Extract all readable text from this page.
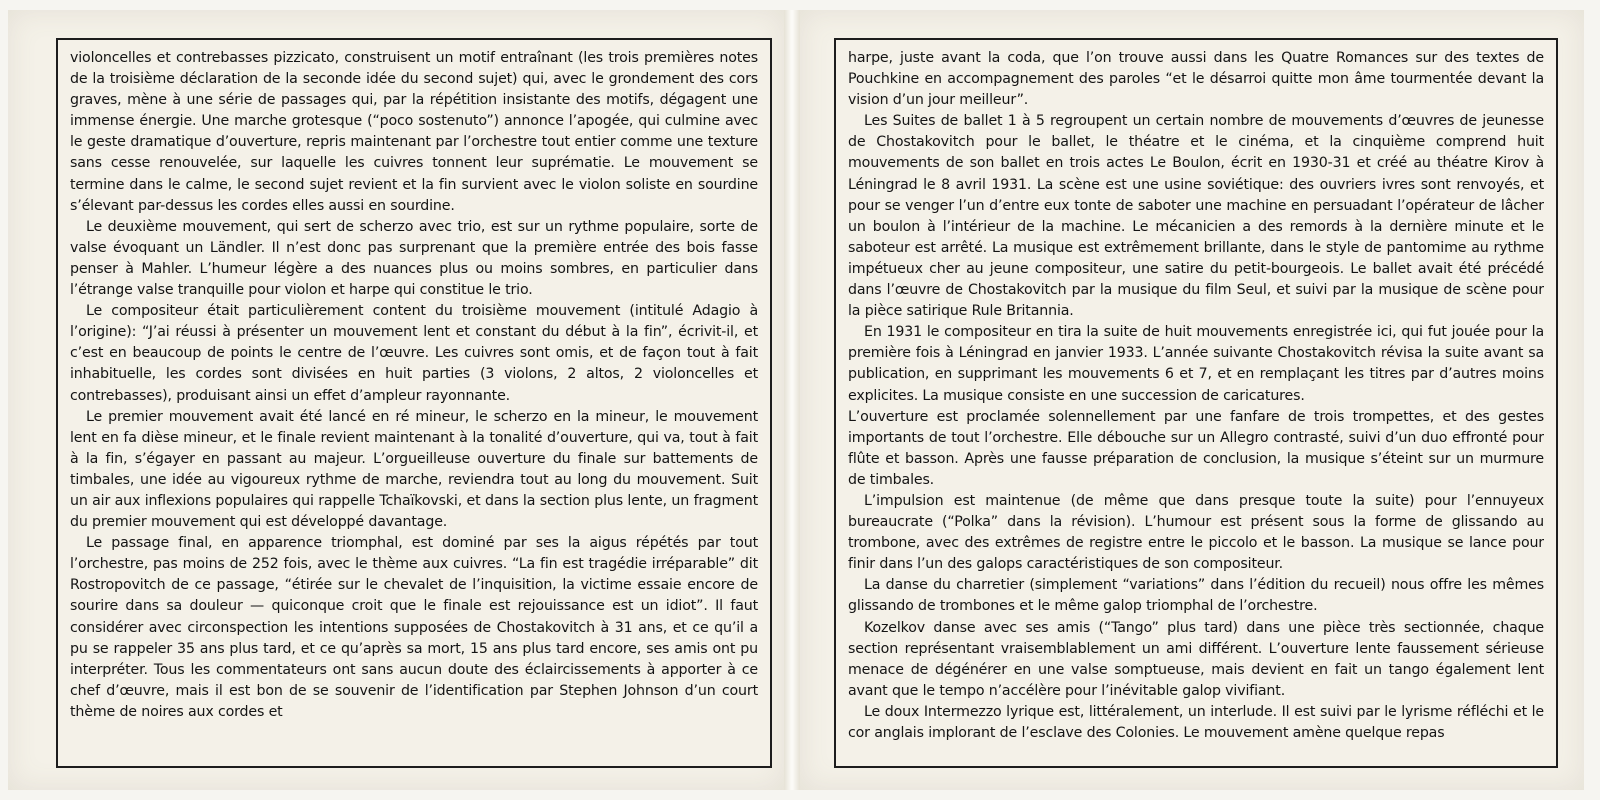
violoncelles et contrebasses pizzicato, construisent un motif entraînant (les trois premières notes de la troisième déclaration de la seconde idée du second sujet) qui, avec le grondement des cors graves, mène à une série de passages qui, par la répétition insistante des motifs, dégagent une immense énergie. Une marche grotesque (“poco sostenuto”) annonce l’apogée, qui culmine avec le geste dramatique d’ouverture, repris maintenant par l’orchestre tout entier comme une texture sans cesse renouvelée, sur laquelle les cuivres tonnent leur suprématie. Le mouvement se termine dans le calme, le second sujet revient et la fin survient avec le violon soliste en sourdine s’élevant par-dessus les cordes elles aussi en sourdine.

Le deuxième mouvement, qui sert de scherzo avec trio, est sur un rythme populaire, sorte de valse évoquant un Ländler. Il n’est donc pas surprenant que la première entrée des bois fasse penser à Mahler. L’humeur légère a des nuances plus ou moins sombres, en particulier dans l’étrange valse tranquille pour violon et harpe qui constitue le trio.

Le compositeur était particulièrement content du troisième mouvement (intitulé Adagio à l’origine): “J’ai réussi à présenter un mouvement lent et constant du début à la fin”, écrivit-il, et c’est en beaucoup de points le centre de l’œuvre. Les cuivres sont omis, et de façon tout à fait inhabituelle, les cordes sont divisées en huit parties (3 violons, 2 altos, 2 violoncelles et contrebasses), produisant ainsi un effet d’ampleur rayonnante.

Le premier mouvement avait été lancé en ré mineur, le scherzo en la mineur, le mouvement lent en fa dièse mineur, et le finale revient maintenant à la tonalité d’ouverture, qui va, tout à fait à la fin, s’égayer en passant au majeur. L’orgueilleuse ouverture du finale sur battements de timbales, une idée au vigoureux rythme de marche, reviendra tout au long du mouvement. Suit un air aux inflexions populaires qui rappelle Tchaïkovski, et dans la section plus lente, un fragment du premier mouvement qui est développé davantage.

Le passage final, en apparence triomphal, est dominé par ses la aigus répétés par tout l’orchestre, pas moins de 252 fois, avec le thème aux cuivres. “La fin est tragédie irréparable” dit Rostropovitch de ce passage, “étirée sur le chevalet de l’inquisition, la victime essaie encore de sourire dans sa douleur — quiconque croit que le finale est rejouissance est un idiot”. Il faut considérer avec circonspection les intentions supposées de Chostakovitch à 31 ans, et ce qu’il a pu se rappeler 35 ans plus tard, et ce qu’après sa mort, 15 ans plus tard encore, ses amis ont pu interpréter. Tous les commentateurs ont sans aucun doute des éclaircissements à apporter à ce chef d’œuvre, mais il est bon de se souvenir de l’identification par Stephen Johnson d’un court thème de noires aux cordes et

harpe, juste avant la coda, que l’on trouve aussi dans les Quatre Romances sur des textes de Pouchkine en accompagnement des paroles “et le désarroi quitte mon âme tourmentée devant la vision d’un jour meilleur”.

Les Suites de ballet 1 à 5 regroupent un certain nombre de mouvements d’œuvres de jeunesse de Chostakovitch pour le ballet, le théatre et le cinéma, et la cinquième comprend huit mouvements de son ballet en trois actes Le Boulon, écrit en 1930-31 et créé au théatre Kirov à Léningrad le 8 avril 1931. La scène est une usine soviétique: des ouvriers ivres sont renvoyés, et pour se venger l’un d’entre eux tonte de saboter une machine en persuadant l’opérateur de lâcher un boulon à l’intérieur de la machine. Le mécanicien a des remords à la dernière minute et le saboteur est arrêté. La musique est extrêmement brillante, dans le style de pantomime au rythme impétueux cher au jeune compositeur, une satire du petit-bourgeois. Le ballet avait été précédé dans l’œuvre de Chostakovitch par la musique du film Seul, et suivi par la musique de scène pour la pièce satirique Rule Britannia.

En 1931 le compositeur en tira la suite de huit mouvements enregistrée ici, qui fut jouée pour la première fois à Léningrad en janvier 1933. L’année suivante Chostakovitch révisa la suite avant sa publication, en supprimant les mouvements 6 et 7, et en remplaçant les titres par d’autres moins explicites. La musique consiste en une succession de caricatures.

L’ouverture est proclamée solennellement par une fanfare de trois trompettes, et des gestes importants de tout l’orchestre. Elle débouche sur un Allegro contrasté, suivi d’un duo effronté pour flûte et basson. Après une fausse préparation de conclusion, la musique s’éteint sur un murmure de timbales.

L’impulsion est maintenue (de même que dans presque toute la suite) pour l’ennuyeux bureaucrate (“Polka” dans la révision). L’humour est présent sous la forme de glissando au trombone, avec des extrêmes de registre entre le piccolo et le basson. La musique se lance pour finir dans l’un des galops caractéristiques de son compositeur.

La danse du charretier (simplement “variations” dans l’édition du recueil) nous offre les mêmes glissando de trombones et le même galop triomphal de l’orchestre.

Kozelkov danse avec ses amis (“Tango” plus tard) dans une pièce très sectionnée, chaque section représentant vraisemblablement un ami différent. L’ouverture lente faussement sérieuse menace de dégénérer en une valse somptueuse, mais devient en fait un tango également lent avant que le tempo n’accélère pour l’inévitable galop vivifiant.

Le doux Intermezzo lyrique est, littéralement, un interlude. Il est suivi par le lyrisme réfléchi et le cor anglais implorant de l’esclave des Colonies. Le mouvement amène quelque repas
